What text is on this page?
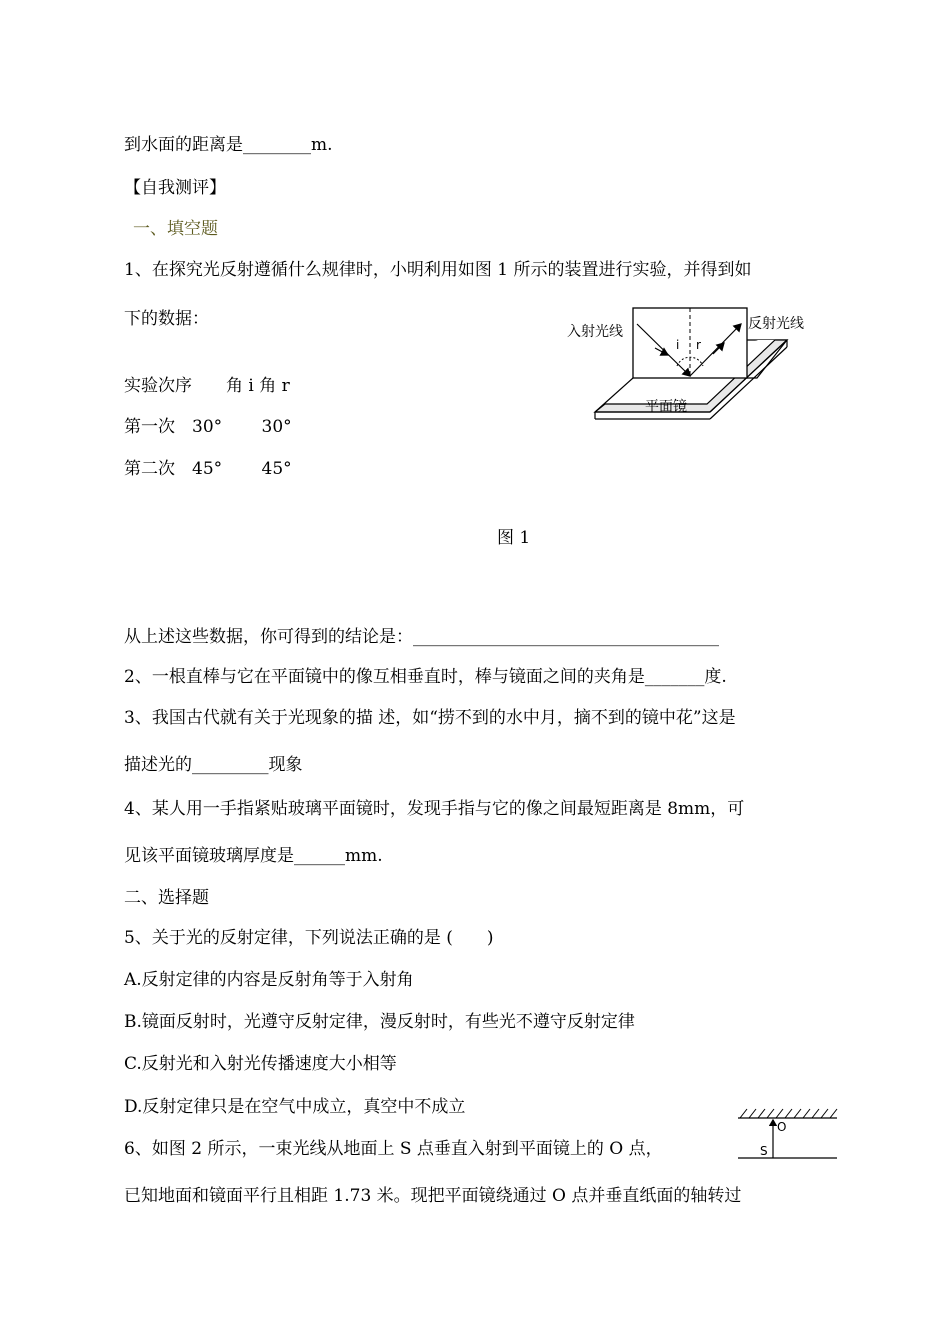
到水面的距离是________m.
【自我测评】
一、填空题
1、在探究光反射遵循什么规律时，小明利用如图 1 所示的装置进行实验，并得到如
下的数据：
实验次序　　角 i 角 r
第一次　30°　　 30°
第二次　45°　　 45°
i r
入射光线	反射光线
平面镜
图 1
从上述这些数据，你可得到的结论是：____________________________________
2、一根直棒与它在平面镜中的像互相垂直时，棒与镜面之间的夹角是_______度.
3、我国古代就有关于光现象的描 述，如“捞不到的水中月，摘不到的镜中花”这是
描述光的_________现象
4、某人用一手指紧贴玻璃平面镜时，发现手指与它的像之间最短距离是 8mm，可
见该平面镜玻璃厚度是______mm.
二、选择题
5、关于光的反射定律，下列说法正确的是 (　　)
A.反射定律的内容是反射角等于入射角
B.镜面反射时，光遵守反射定律，漫反射时，有些光不遵守反射定律
C.反射光和入射光传播速度大小相等
D.反射定律只是在空气中成立，真空中不成立
6、如图 2 所示，一束光线从地面上 S 点垂直入射到平面镜上的 O 点，
已知地面和镜面平行且相距 1.73 米。现把平面镜绕通过 O 点并垂直纸面的轴转过
O
S
